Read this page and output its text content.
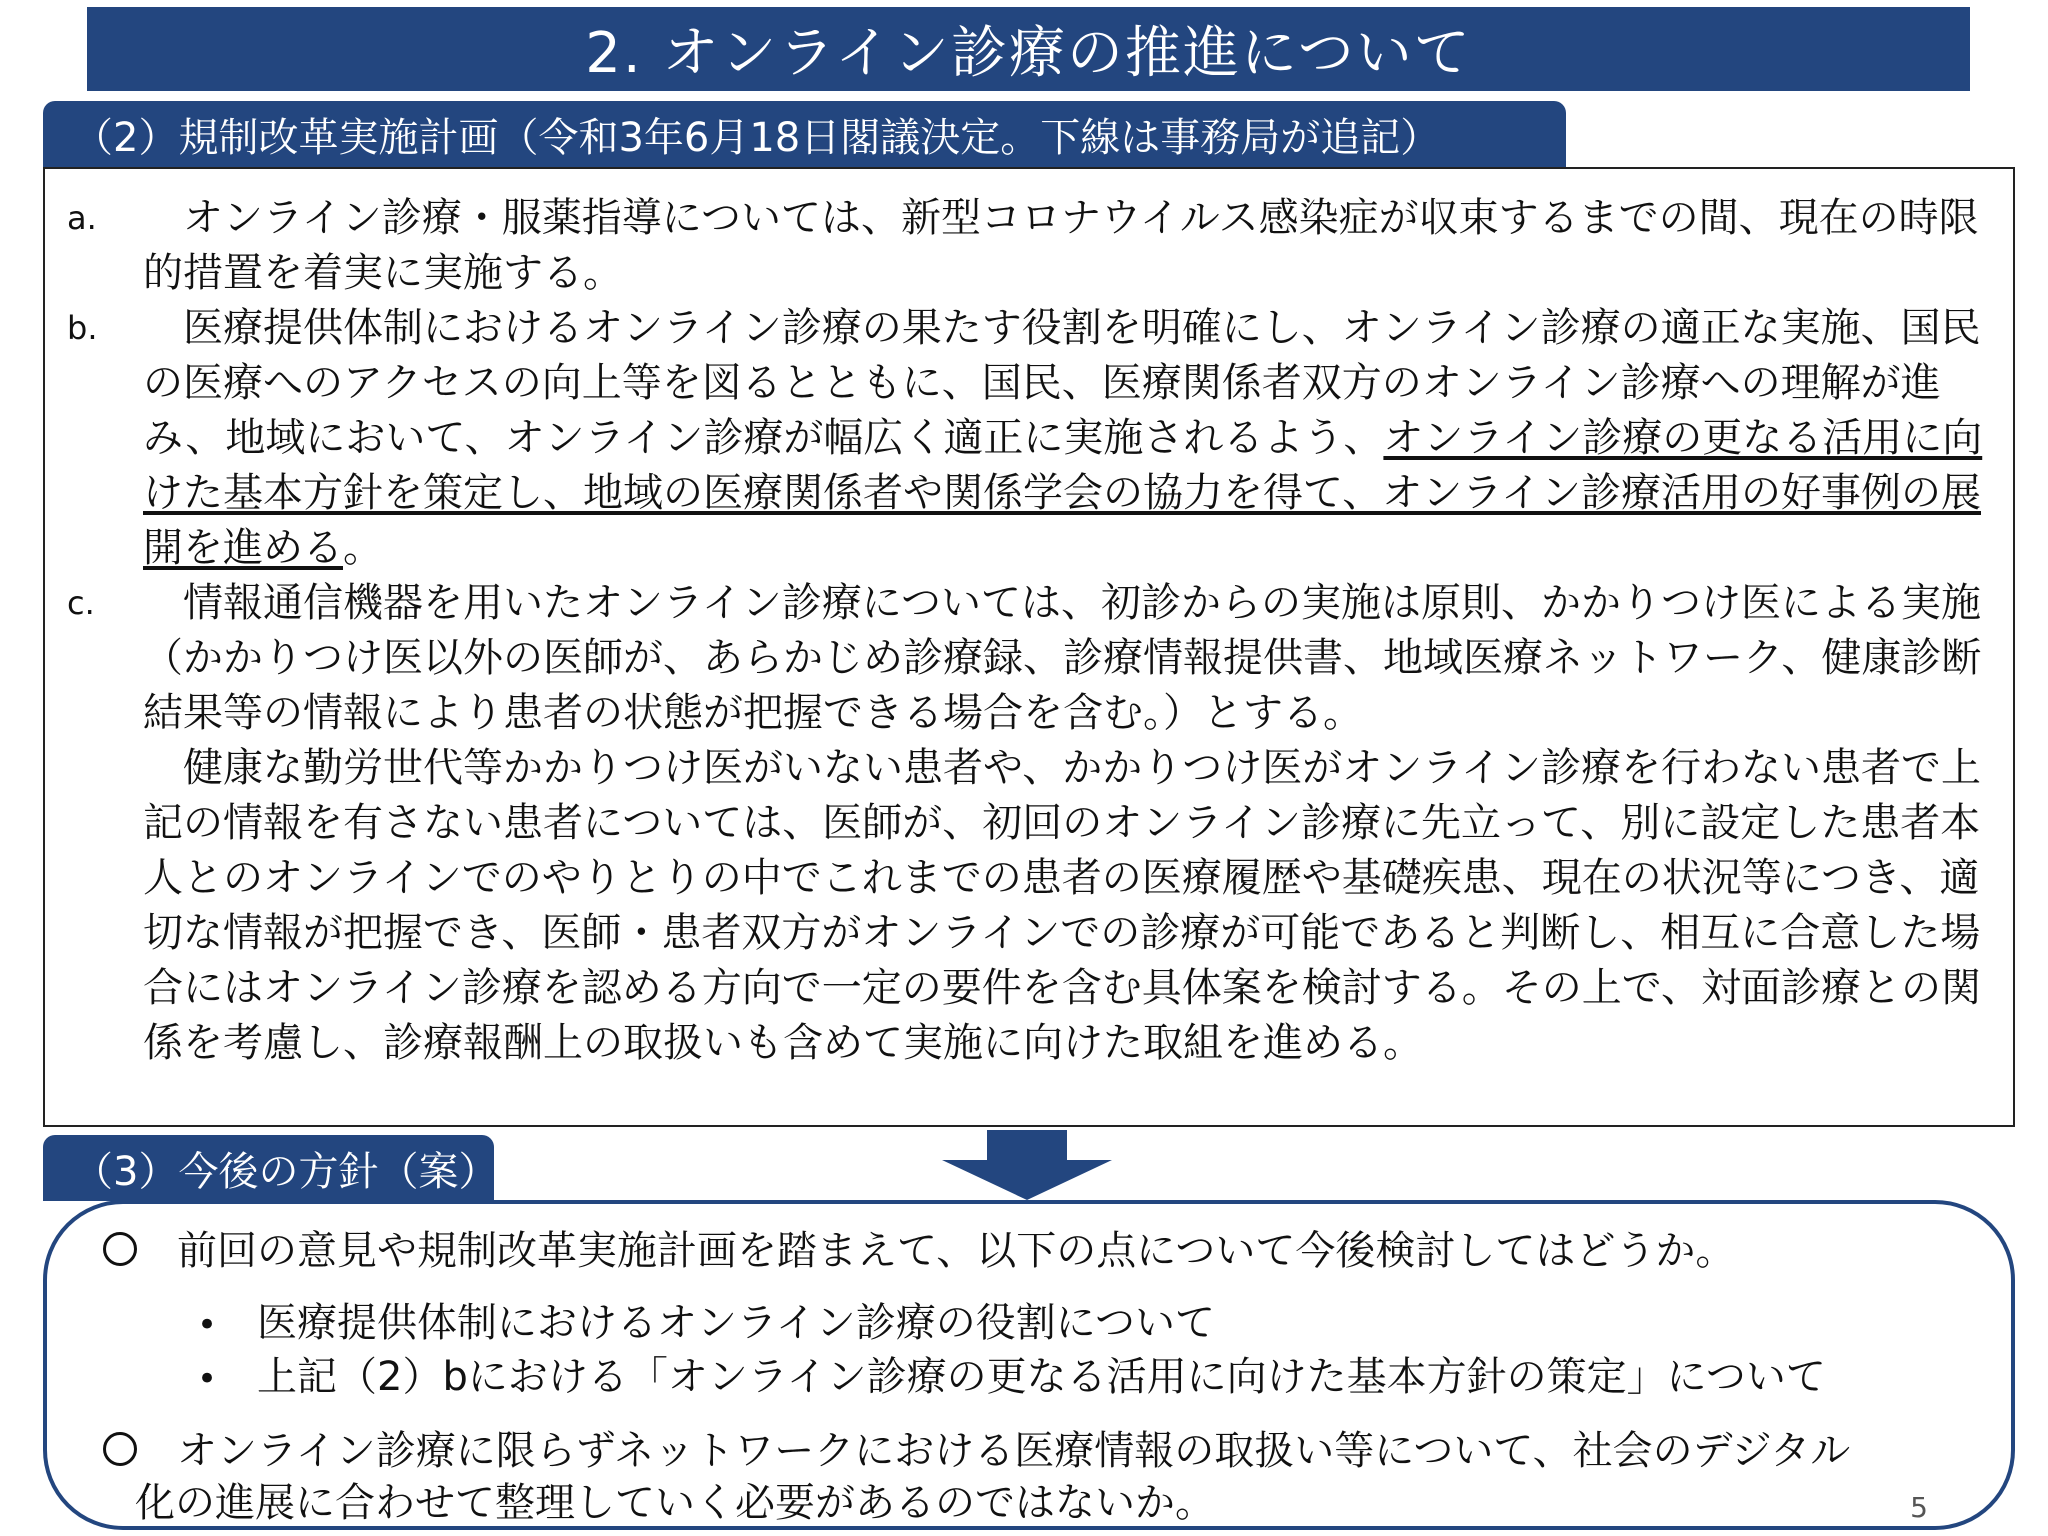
2. オンライン診療の推進について
（2）規制改革実施計画（令和3年6月18日閣議決定。下線は事務局が追記）
a.	オンライン診療・服薬指導については、新型コロナウイルス感染症が収束するまでの間、現在の時限的措置を着実に実施する。

b.	医療提供体制におけるオンライン診療の果たす役割を明確にし、オンライン診療の適正な実施、国民の医療へのアクセスの向上等を図るとともに、国民、医療関係者双方のオンライン診療への理解が進み、地域において、オンライン診療が幅広く適正に実施されるよう、オンライン診療の更なる活用に向けた基本方針を策定し、地域の医療関係者や関係学会の協力を得て、オンライン診療活用の好事例の展開を進める。

c.	情報通信機器を用いたオンライン診療については、初診からの実施は原則、かかりつけ医による実施（かかりつけ医以外の医師が、あらかじめ診療録、診療情報提供書、地域医療ネットワーク、健康診断結果等の情報により患者の状態が把握できる場合を含む。）とする。

健康な勤労世代等かかりつけ医がいない患者や、かかりつけ医がオンライン診療を行わない患者で上記の情報を有さない患者については、医師が、初回のオンライン診療に先立って、別に設定した患者本人とのオンラインでのやりとりの中でこれまでの患者の医療履歴や基礎疾患、現在の状況等につき、適切な情報が把握でき、医師・患者双方がオンラインでの診療が可能であると判断し、相互に合意した場合にはオンライン診療を認める方向で一定の要件を含む具体案を検討する。その上で、対面診療との関係を考慮し、診療報酬上の取扱いも含めて実施に向けた取組を進める。

（3）今後の方針（案）
前回の意見や規制改革実施計画を踏まえて、以下の点について今後検討してはどうか。
• 医療提供体制におけるオンライン診療の役割について
• 上記（2）bにおける「オンライン診療の更なる活用に向けた基本方針の策定」について
オンライン診療に限らずネットワークにおける医療情報の取扱い等について、社会のデジタル
化の進展に合わせて整理していく必要があるのではないか。	5
